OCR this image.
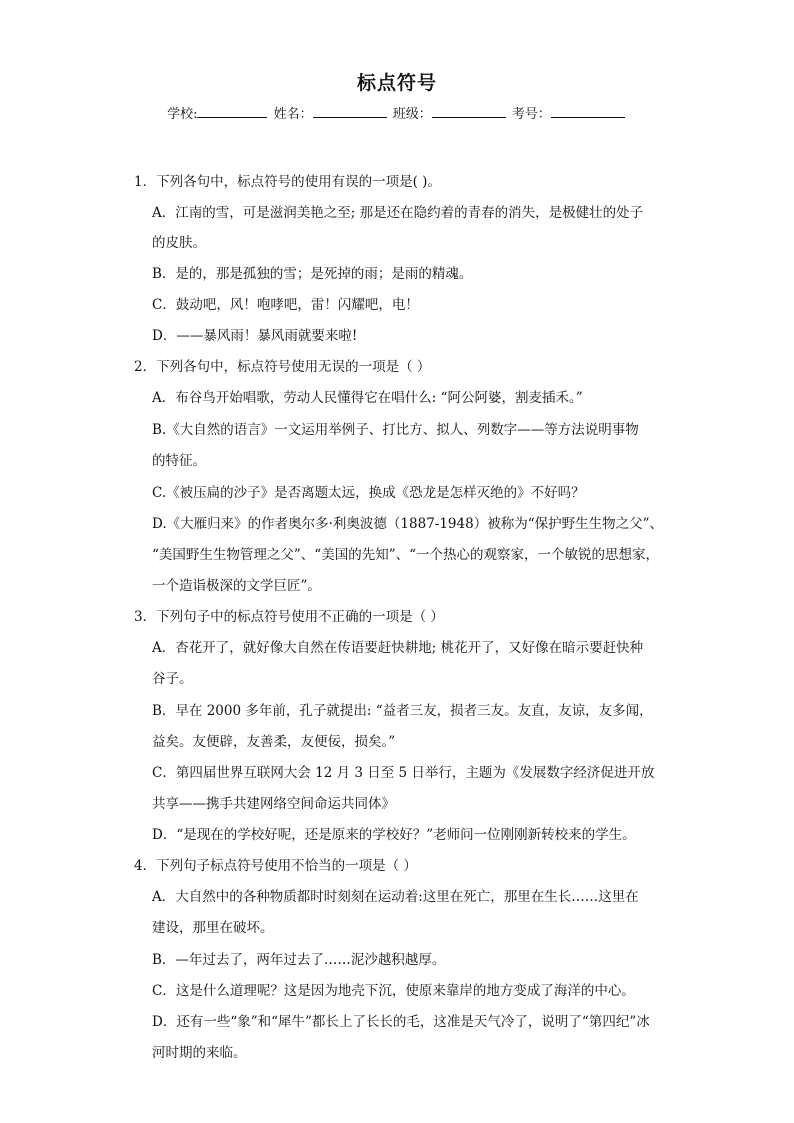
标点符号
学校:	姓名：	班级：	考号：
1．下列各句中，标点符号的使用有误的一项是( )。
A．江南的雪，可是滋润美艳之至; 那是还在隐约着的青春的消失，是极健壮的处子
的皮肤。
B．是的，那是孤独的雪；是死掉的雨；是雨的精魂。
C．鼓动吧，风！咆哮吧，雷！闪耀吧，电！
D．——暴风雨！暴风雨就要来啦!
2．下列各句中，标点符号使用无误的一项是（ ）
A．布谷鸟开始唱歌，劳动人民懂得它在唱什么: “阿公阿婆，割麦插禾。”
B.《大自然的语言》一文运用举例子、打比方、拟人、列数字——等方法说明事物
的特征。
C.《被压扁的沙子》是否离题太远，换成《恐龙是怎样灭绝的》不好吗？
D.《大雁归来》的作者奥尔多·利奥波德（1887-1948）被称为“保护野生生物之父”、
“美国野生生物管理之父”、“美国的先知”、“一个热心的观察家，一个敏锐的思想家，
一个造诣极深的文学巨匠”。
3．下列句子中的标点符号使用不正确的一项是（ ）
A．杏花开了，就好像大自然在传语要赶快耕地; 桃花开了，又好像在暗示要赶快种
谷子。
B．早在 2000 多年前，孔子就提出: “益者三友，损者三友。友直，友谅，友多闻，
益矣。友便辟，友善柔，友便佞，损矣。”
C．第四届世界互联网大会 12 月 3 日至 5 日举行，主题为《发展数字经济促进开放
共享——携手共建网络空间命运共同体》
D．“是现在的学校好呢，还是原来的学校好？”老师问一位刚刚新转校来的学生。
4．下列句子标点符号使用不恰当的一项是（ ）
A．大自然中的各种物质都时时刻刻在运动着:这里在死亡，那里在生长……这里在
建设，那里在破坏。
B．—年过去了，两年过去了……泥沙越积越厚。
C．这是什么道理呢？这是因为地壳下沉，使原来靠岸的地方变成了海洋的中心。
D．还有一些“象”和“犀牛”都长上了长长的毛，这准是天气冷了，说明了“第四纪”冰
河时期的来临。
